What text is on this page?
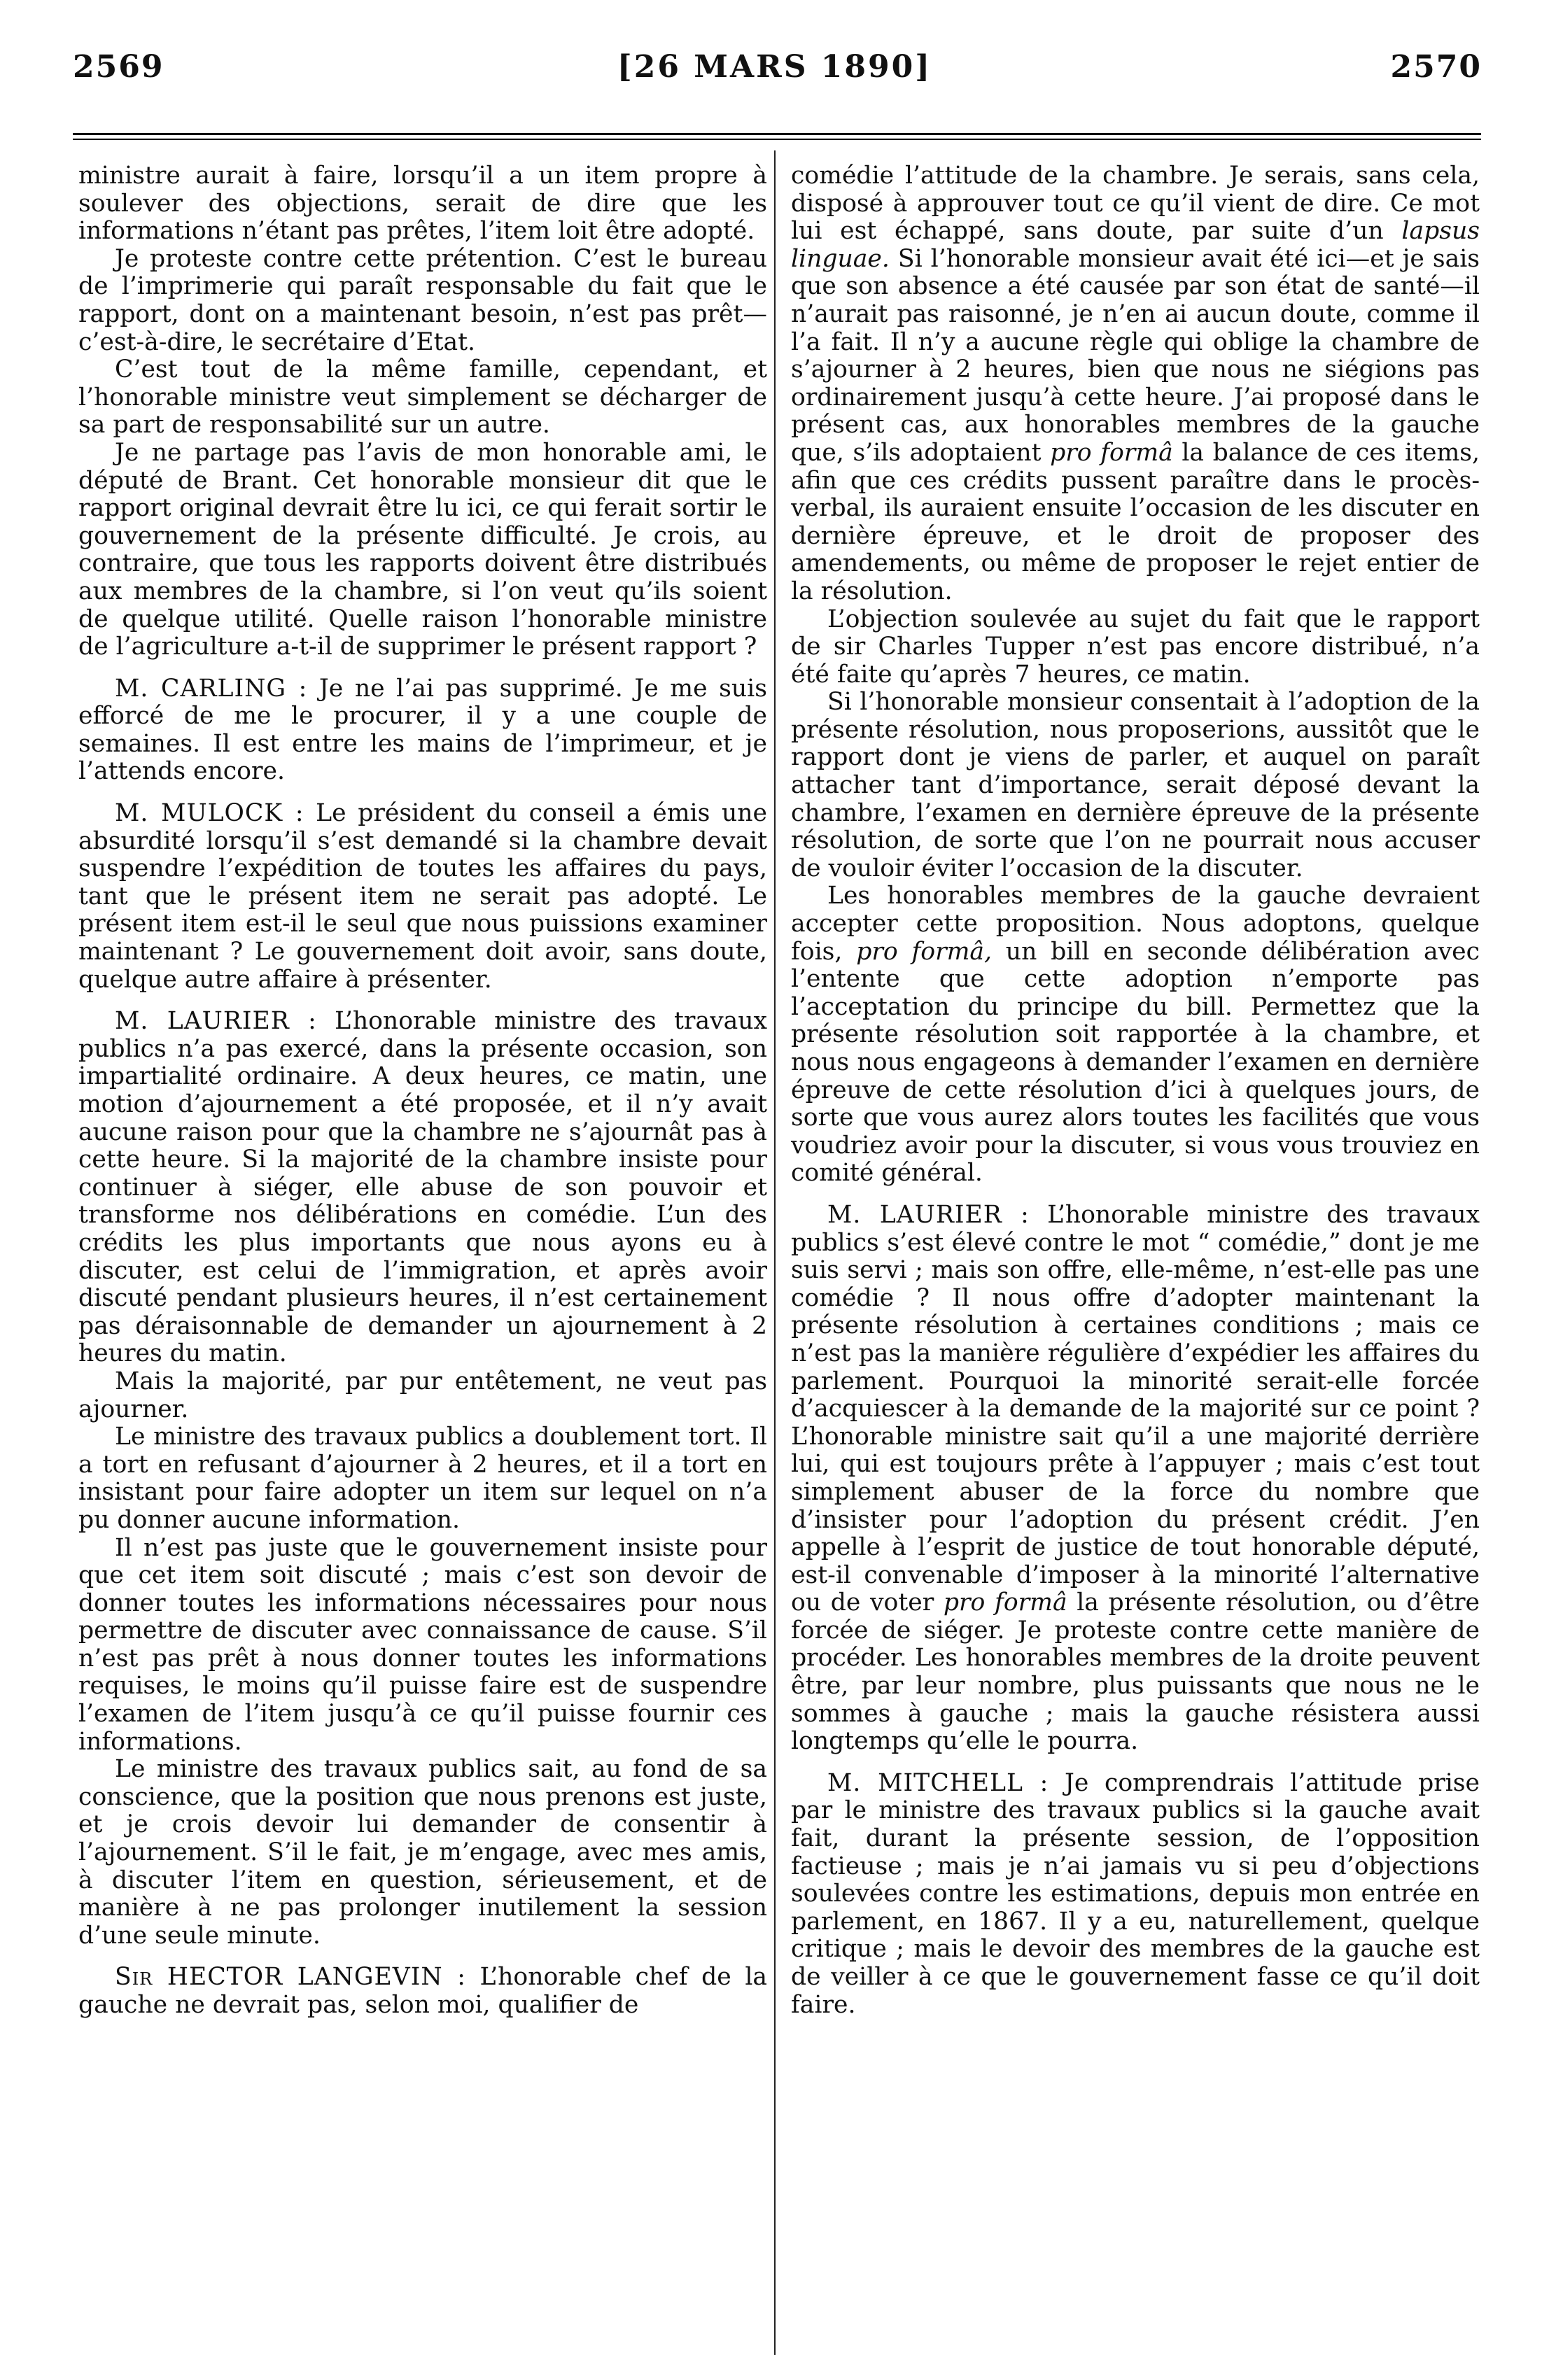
2569	[26 MARS 1890]	2570

ministre aurait à faire, lorsqu’il a un item propre à soulever des objections, serait de dire que les informations n’étant pas prêtes, l’item loit être adopté.

Je proteste contre cette prétention. C’est le bureau de l’imprimerie qui paraît responsable du fait que le rapport, dont on a maintenant besoin, n’est pas prêt—c’est-à-dire, le secrétaire d’Etat.

C’est tout de la même famille, cependant, et l’honorable ministre veut simplement se décharger de sa part de responsabilité sur un autre.

Je ne partage pas l’avis de mon honorable ami, le député de Brant. Cet honorable monsieur dit que le rapport original devrait être lu ici, ce qui ferait sortir le gouvernement de la présente difficulté. Je crois, au contraire, que tous les rapports doivent être distribués aux membres de la chambre, si l’on veut qu’ils soient de quelque utilité. Quelle raison l’honorable ministre de l’agriculture a-t-il de supprimer le présent rapport ?

M. CARLING : Je ne l’ai pas supprimé. Je me suis efforcé de me le procurer, il y a une couple de semaines. Il est entre les mains de l’imprimeur, et je l’attends encore.

M. MULOCK : Le président du conseil a émis une absurdité lorsqu’il s’est demandé si la chambre devait suspendre l’expédition de toutes les affaires du pays, tant que le présent item ne serait pas adopté. Le présent item est-il le seul que nous puissions examiner maintenant ? Le gouvernement doit avoir, sans doute, quelque autre affaire à présenter.

M. LAURIER : L’honorable ministre des travaux publics n’a pas exercé, dans la présente occasion, son impartialité ordinaire. A deux heures, ce matin, une motion d’ajournement a été proposée, et il n’y avait aucune raison pour que la chambre ne s’ajournât pas à cette heure. Si la majorité de la chambre insiste pour continuer à siéger, elle abuse de son pouvoir et transforme nos délibérations en comédie. L’un des crédits les plus importants que nous ayons eu à discuter, est celui de l’immigration, et après avoir discuté pendant plusieurs heures, il n’est certainement pas déraisonnable de demander un ajournement à 2 heures du matin.

Mais la majorité, par pur entêtement, ne veut pas ajourner.

Le ministre des travaux publics a doublement tort. Il a tort en refusant d’ajourner à 2 heures, et il a tort en insistant pour faire adopter un item sur lequel on n’a pu donner aucune information.

Il n’est pas juste que le gouvernement insiste pour que cet item soit discuté ; mais c’est son devoir de donner toutes les informations nécessaires pour nous permettre de discuter avec connaissance de cause. S’il n’est pas prêt à nous donner toutes les informations requises, le moins qu’il puisse faire est de suspendre l’examen de l’item jusqu’à ce qu’il puisse fournir ces informations.

Le ministre des travaux publics sait, au fond de sa conscience, que la position que nous prenons est juste, et je crois devoir lui demander de consentir à l’ajournement. S’il le fait, je m’engage, avec mes amis, à discuter l’item en question, sérieusement, et de manière à ne pas prolonger inutilement la session d’une seule minute.

Sir HECTOR LANGEVIN : L’honorable chef de la gauche ne devrait pas, selon moi, qualifier de

comédie l’attitude de la chambre. Je serais, sans cela, disposé à approuver tout ce qu’il vient de dire. Ce mot lui est échappé, sans doute, par suite d’un lapsus linguae. Si l’honorable monsieur avait été ici—et je sais que son absence a été causée par son état de santé—il n’aurait pas raisonné, je n’en ai aucun doute, comme il l’a fait. Il n’y a aucune règle qui oblige la chambre de s’ajourner à 2 heures, bien que nous ne siégions pas ordinairement jusqu’à cette heure. J’ai proposé dans le présent cas, aux honorables membres de la gauche que, s’ils adoptaient pro formâ la balance de ces items, afin que ces crédits pussent paraître dans le procès-verbal, ils auraient ensuite l’occasion de les discuter en dernière épreuve, et le droit de proposer des amendements, ou même de proposer le rejet entier de la résolution.

L’objection soulevée au sujet du fait que le rapport de sir Charles Tupper n’est pas encore distribué, n’a été faite qu’après 7 heures, ce matin.

Si l’honorable monsieur consentait à l’adoption de la présente résolution, nous proposerions, aussitôt que le rapport dont je viens de parler, et auquel on paraît attacher tant d’importance, serait déposé devant la chambre, l’examen en dernière épreuve de la présente résolution, de sorte que l’on ne pourrait nous accuser de vouloir éviter l’occasion de la discuter.

Les honorables membres de la gauche devraient accepter cette proposition. Nous adoptons, quelque fois, pro formâ, un bill en seconde délibération avec l’entente que cette adoption n’emporte pas l’acceptation du principe du bill. Permettez que la présente résolution soit rapportée à la chambre, et nous nous engageons à demander l’examen en dernière épreuve de cette résolution d’ici à quelques jours, de sorte que vous aurez alors toutes les facilités que vous voudriez avoir pour la discuter, si vous vous trouviez en comité général.

M. LAURIER : L’honorable ministre des travaux publics s’est élevé contre le mot “ comédie,” dont je me suis servi ; mais son offre, elle-même, n’est-elle pas une comédie ? Il nous offre d’adopter maintenant la présente résolution à certaines conditions ; mais ce n’est pas la manière régulière d’expédier les affaires du parlement. Pourquoi la minorité serait-elle forcée d’acquiescer à la demande de la majorité sur ce point ? L’honorable ministre sait qu’il a une majorité derrière lui, qui est toujours prête à l’appuyer ; mais c’est tout simplement abuser de la force du nombre que d’insister pour l’adoption du présent crédit. J’en appelle à l’esprit de justice de tout honorable député, est-il convenable d’imposer à la minorité l’alternative ou de voter pro formâ la présente résolution, ou d’être forcée de siéger. Je proteste contre cette manière de procéder. Les honorables membres de la droite peuvent être, par leur nombre, plus puissants que nous ne le sommes à gauche ; mais la gauche résistera aussi longtemps qu’elle le pourra.

M. MITCHELL : Je comprendrais l’attitude prise par le ministre des travaux publics si la gauche avait fait, durant la présente session, de l’opposition factieuse ; mais je n’ai jamais vu si peu d’objections soulevées contre les estimations, depuis mon entrée en parlement, en 1867. Il y a eu, naturellement, quelque critique ; mais le devoir des membres de la gauche est de veiller à ce que le gouvernement fasse ce qu’il doit faire.
